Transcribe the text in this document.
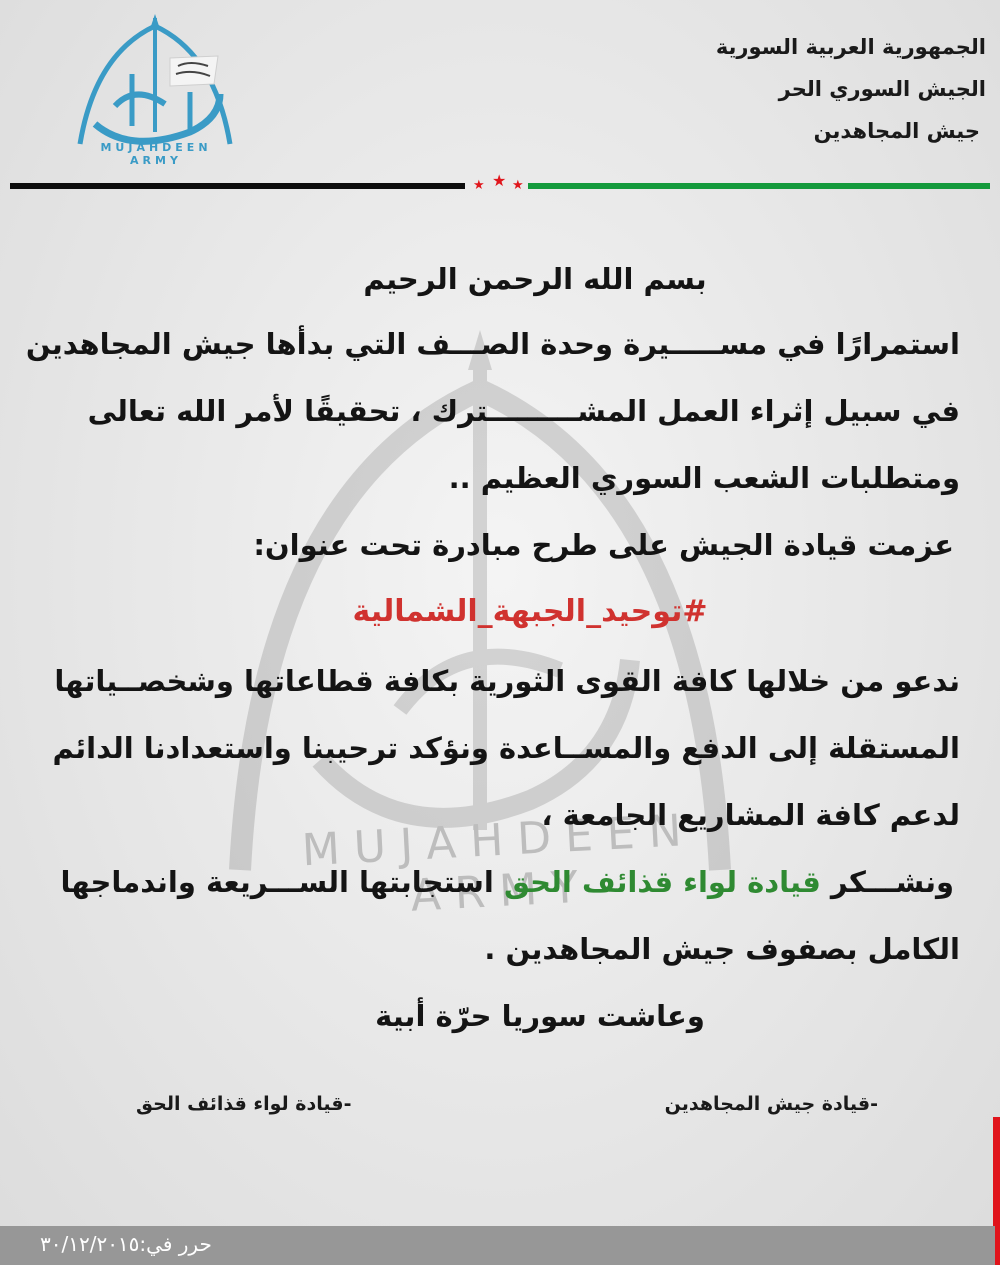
MUJAHDEEN ARMY
MUJAHDEEN ARMY
الجمهورية العربية السورية
الجيش السوري الحر
جيش المجاهدين
★ ★ ★
بسم الله الرحمن الرحيم
استمرارًا في مســـــيرة وحدة الصـــف التي بدأها جيش المجاهدين
في سبيل إثراء العمل المشـــــــــترك ، تحقيقًا لأمر الله تعالى
ومتطلبات الشعب السوري العظيم ..
عزمت قيادة الجيش على طرح مبادرة تحت عنوان:
#توحيد_الجبهة_الشمالية
ندعو من خلالها كافة القوى الثورية بكافة قطاعاتها وشخصــياتها
المستقلة إلى الدفع والمســاعدة ونؤكد ترحيبنا واستعدادنا الدائم
لدعم كافة المشاريع الجامعة ،
ونشـــكر قيادة لواء قذائف الحق استجابتها الســـريعة واندماجها
الكامل بصفوف جيش المجاهدين .
وعاشت سوريا حرّة أبية
-قيادة جيش المجاهدين
-قيادة لواء قذائف الحق
حرر في:٣٠/١٢/٢٠١٥
